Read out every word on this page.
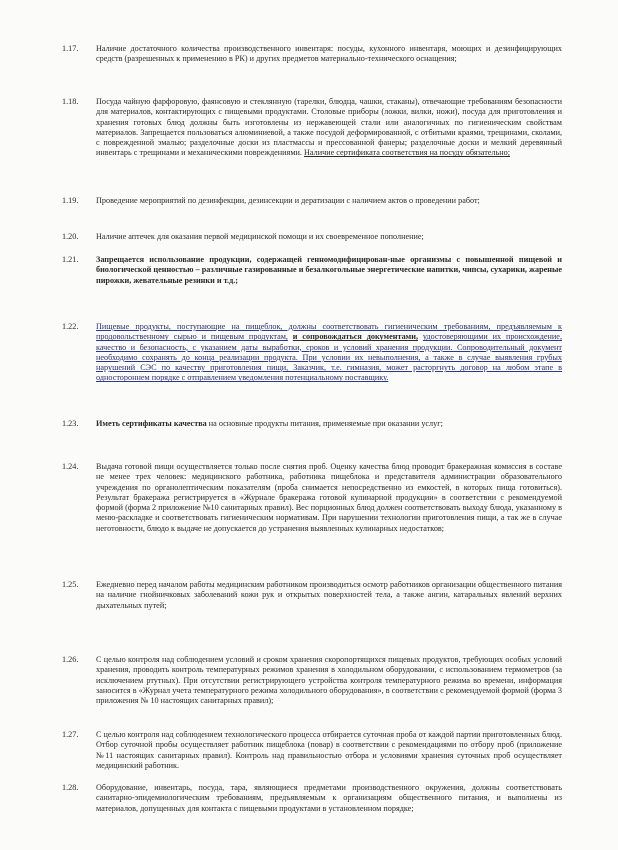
1.17.	Наличие достаточного количества производственного инвентаря: посуды, кухонного инвентаря, моющих и дезинфицирующих средств (разрешенных к применению в РК) и других предметов материально-технического оснащения;
1.18.	Посуда чайную фарфоровую, фаянсовую и стеклянную (тарелки, блюдца, чашки, стаканы), отвечающие требованиям безопасности для материалов, контактирующих с пищевыми продуктами. Столовые приборы (ложки, вилки, ножи), посуда для приготовления и хранения готовых блюд должны быть изготовлены из нержавеющей стали или аналогичных по гигиеническим свойствам материалов. Запрещается пользоваться алюминиевой, а также посудой деформированной, с отбитыми краями, трещинами, сколами, с поврежденной эмалью; разделочные доски из пластмассы и прессованной фанеры; разделочные доски и мелкий деревянный инвентарь с трещинами и механическими повреждениями. Наличие сертификата соответствия на посуду обязательно;
1.19.	Проведение мероприятий по дезинфекции, дезинсекции и дератизации с наличием актов о проведении работ;
1.20.	Наличие аптечек для оказания первой медицинской помощи и их своевременное пополнение;
1.21.	Запрещается использование продукции, содержащей генномодифицирован-ные организмы с повышенной пищевой и биологической ценностью – различные газированные и безалкогольные энергетические напитки, чипсы, сухарики, жареные пирожки, жевательные резинки и т.д.;
1.22.	Пищевые продукты, поступающие на пищеблок, должны соответствовать гигиеническим требованиям, предъявляемым к продовольственному сырью и пищевым продуктам, и сопровождаться документами, удостоверяющими их происхождение, качество и безопасность, с указанием даты выработки, сроков и условий хранения продукции. Сопроводительный документ необходимо сохранять до конца реализации продукта. При условии их невыполнения, а также в случае выявления грубых нарушений СЭС по качеству приготовления пищи, Заказчик, т.е. гимназия, может расторгнуть договор на любом этапе в одностороннем порядке с отправлением уведомления потенциальному поставщику.
1.23.	Иметь сертификаты качества на основные продукты питания, применяемые при оказании услуг;
1.24.	Выдача готовой пищи осуществляется только после снятия проб. Оценку качества блюд проводит бракеражная комиссия в составе не менее трех человек: медицинского работника, работника пищеблока и представителя администрации образовательного учреждения по органолептическим показателям (проба снимается непосредственно из емкостей, в которых пища готовиться). Результат бракеража регистрируется в «Журнале бракеража готовой кулинарной продукции» в соответствии с рекомендуемой формой (форма 2 приложение №10 санитарных правил). Вес порционных блюд должен соответствовать выходу блюда, указанному в меню-раскладке и соответствовать гигиеническим нормативам. При нарушении технологии приготовления пищи, а так же в случае неготовности, блюдо к выдаче не допускается до устранения выявленных кулинарных недостатков;
1.25.	Ежедневно перед началом работы медицинским работником производиться осмотр работников организации общественного питания на наличие гнойничковых заболеваний кожи рук и открытых поверхностей тела, а также ангин, катаральных явлений верхних дыхательных путей;
1.26.	С целью контроля над соблюдением условий и сроком хранения скоропортящихся пищевых продуктов, требующих особых условий хранения, проводить контроль температурных режимов хранения в холодильном оборудовании, с использованием термометров (за исключением ртутных). При отсутствии регистрирующего устройства контроля температурного режима во времени, информация заносится в «Журнал учета температурного режима холодильного оборудования», в соответствии с рекомендуемой формой (форма 3 приложения № 10 настоящих санитарных правил);
1.27.	С целью контроля над соблюдением технологического процесса отбирается суточная проба от каждой партии приготовленных блюд. Отбор суточной пробы осуществляет работник пищеблока (повар) в соответствии с рекомендациями по отбору проб (приложение №11 настоящих санитарных правил). Контроль над правильностью отбора и условиями хранения суточных проб осуществляет медицинский работник.
1.28.	Оборудование, инвентарь, посуда, тара, являющиеся предметами производственного окружения, должны соответствовать санитарно-эпидемиологическим требованиям, предъявляемым к организациям общественного питания, и выполнены из материалов, допущенных для контакта с пищевыми продуктами в установленном порядке;
